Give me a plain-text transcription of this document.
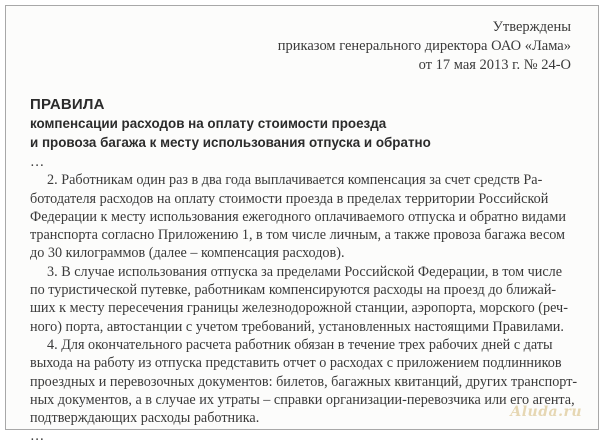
Утверждены
приказом генерального директора ОАО «Лама»
от 17 мая 2013 г. № 24-О
ПРАВИЛА
компенсации расходов на оплату стоимости проезда
и провоза багажа к месту использования отпуска и обратно
…
2. Работникам один раз в два года выплачивается компенсация за счет средств Ра-
ботодателя расходов на оплату стоимости проезда в пределах территории Российской
Федерации к месту использования ежегодного оплачиваемого отпуска и обратно видами
транспорта согласно Приложению 1, в том числе личным, а также провоза багажа весом
до 30 килограммов (далее – компенсация расходов).
3. В случае использования отпуска за пределами Российской Федерации, в том числе
по туристической путевке, работникам компенсируются расходы на проезд до ближай-
ших к месту пересечения границы железнодорожной станции, аэропорта, морского (реч-
ного) порта, автостанции с учетом требований, установленных настоящими Правилами.
4. Для окончательного расчета работник обязан в течение трех рабочих дней с даты
выхода на работу из отпуска представить отчет о расходах с приложением подлинников
проездных и перевозочных документов: билетов, багажных квитанций, других транспорт-
ных документов, а в случае их утраты – справки организации-перевозчика или его агента,
подтверждающих расходы работника.
…
Aluda.ru
